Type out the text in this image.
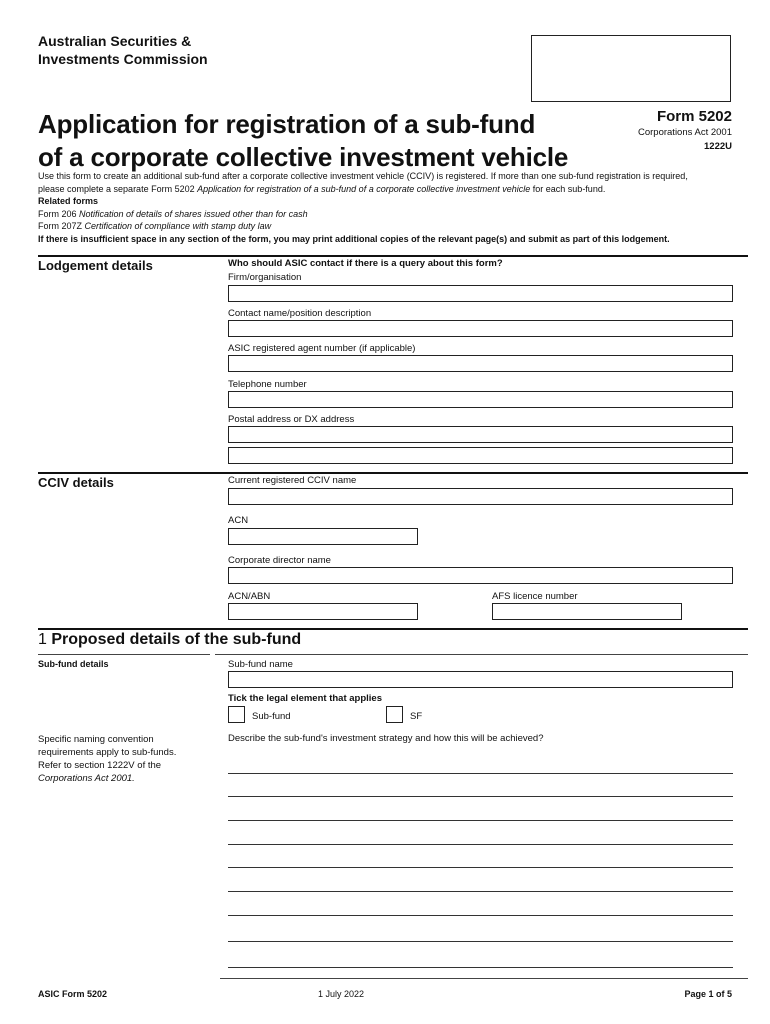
Australian Securities &
Investments Commission
Application for registration of a sub-fund
of a corporate collective investment vehicle
Form 5202
Corporations Act 2001
1222U

Use this form to create an additional sub-fund after a corporate collective investment vehicle (CCIV) is registered. If more than one sub-fund registration is required,

please complete a separate Form 5202 Application for registration of a sub-fund of a corporate collective investment vehicle for each sub-fund.

Related forms

Form 206 Notification of details of shares issued other than for cash

Form 207Z Certification of compliance with stamp duty law

If there is insufficient space in any section of the form, you may print additional copies of the relevant page(s) and submit as part of this lodgement.

Lodgement details	Who should ASIC contact if there is a query about this form?
Firm/organisation
Contact name/position description
ASIC registered agent number (if applicable)
Telephone number
Postal address or DX address
CCIV details	Current registered CCIV name
ACN
Corporate director name
ACN/ABN	AFS licence number
1 Proposed details of the sub-fund
Sub-fund details	Sub-fund name
Tick the legal element that applies
Sub-fund	SF
Specific naming convention
requirements apply to sub-funds.
Refer to section 1222V of the
Corporations Act 2001.
Describe the sub-fund's investment strategy and how this will be achieved?
ASIC Form 5202	1 July 2022	Page 1 of 5
